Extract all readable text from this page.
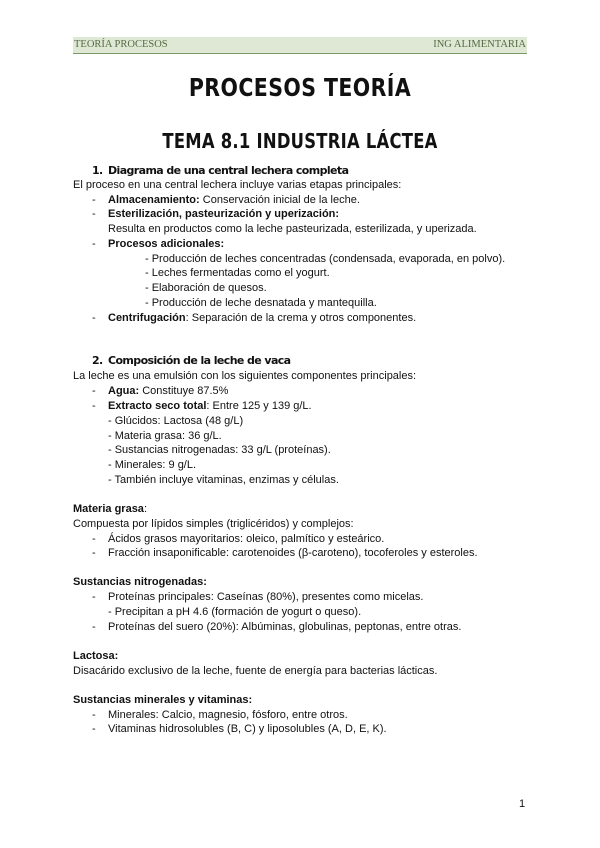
TEORÍA PROCESOS	ING ALIMENTARIA
PROCESOS TEORÍA
TEMA 8.1 INDUSTRIA LÁCTEA
1. Diagrama de una central lechera completa
El proceso en una central lechera incluye varias etapas principales:
- Almacenamiento: Conservación inicial de la leche.
- Esterilización, pasteurización y uperización:
Resulta en productos como la leche pasteurizada, esterilizada, y uperizada.
- Procesos adicionales:
- Producción de leches concentradas (condensada, evaporada, en polvo).
- Leches fermentadas como el yogurt.
- Elaboración de quesos.
- Producción de leche desnatada y mantequilla.
- Centrifugación: Separación de la crema y otros componentes.
2. Composición de la leche de vaca
La leche es una emulsión con los siguientes componentes principales:
- Agua: Constituye 87.5%
- Extracto seco total: Entre 125 y 139 g/L.
- Glúcidos: Lactosa (48 g/L)
- Materia grasa: 36 g/L.
- Sustancias nitrogenadas: 33 g/L (proteínas).
- Minerales: 9 g/L.
- También incluye vitaminas, enzimas y células.
Materia grasa:
Compuesta por lípidos simples (triglicéridos) y complejos:
- Ácidos grasos mayoritarios: oleico, palmítico y esteárico.
- Fracción insaponificable: carotenoides (β-caroteno), tocoferoles y esteroles.
Sustancias nitrogenadas:
- Proteínas principales: Caseínas (80%), presentes como micelas.
- Precipitan a pH 4.6 (formación de yogurt o queso).
- Proteínas del suero (20%): Albúminas, globulinas, peptonas, entre otras.
Lactosa:
Disacárido exclusivo de la leche, fuente de energía para bacterias lácticas.
Sustancias minerales y vitaminas:
- Minerales: Calcio, magnesio, fósforo, entre otros.
- Vitaminas hidrosolubles (B, C) y liposolubles (A, D, E, K).
1
